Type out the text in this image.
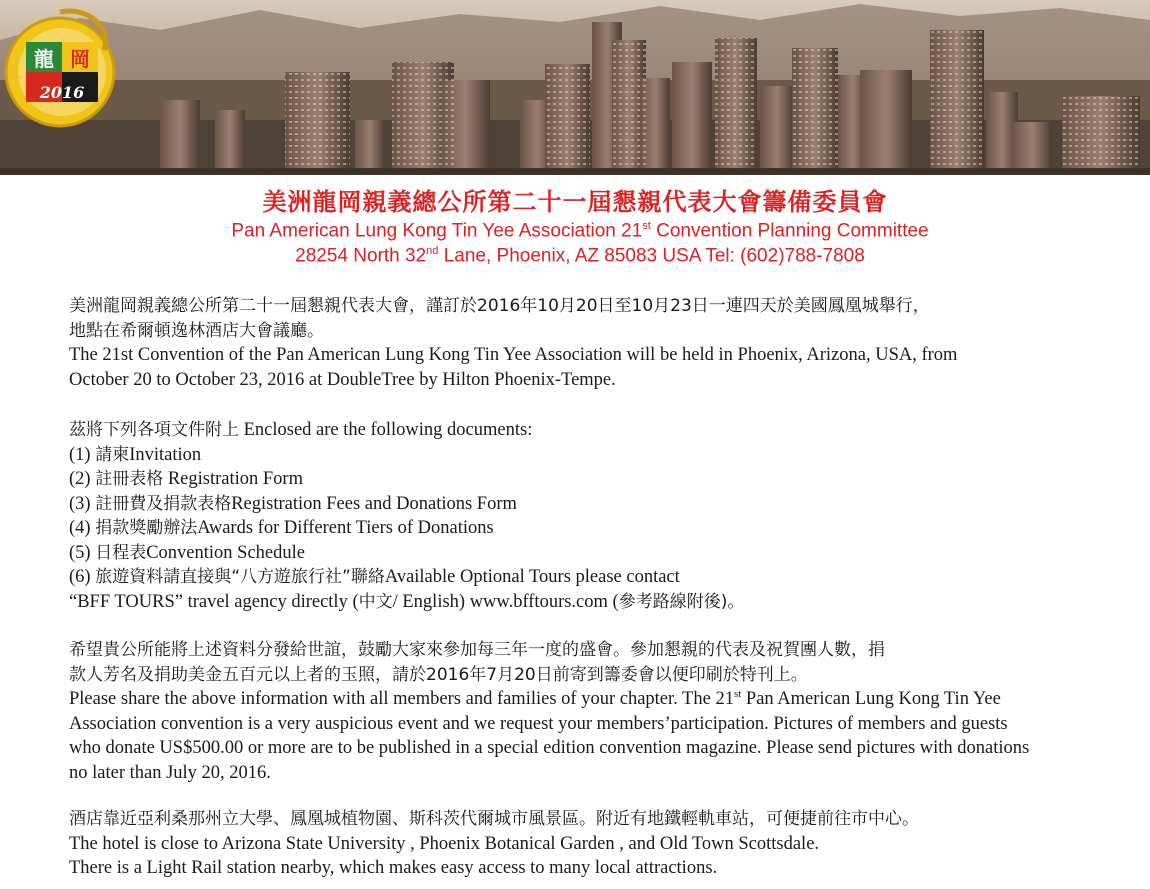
龍 岡
2016
美洲龍岡親義總公所第二十一屆懇親代表大會籌備委員會
Pan American Lung Kong Tin Yee Association 21st Convention Planning Committee
28254 North 32nd Lane, Phoenix, AZ 85083 USA Tel: (602)788-7808

美洲龍岡親義總公所第二十一屆懇親代表大會，謹訂於2016年10月20日至10月23日一連四天於美國鳳凰城舉行，

地點在希爾頓逸林酒店大會議廳。

The 21st Convention of the Pan American Lung Kong Tin Yee Association will be held in Phoenix, Arizona, USA, from

October 20 to October 23, 2016 at DoubleTree by Hilton Phoenix-Tempe.

茲將下列各項文件附上 Enclosed are the following documents:

(1) 請柬Invitation

(2) 註冊表格 Registration Form

(3) 註冊費及捐款表格Registration Fees and Donations Form

(4) 捐款獎勵辦法Awards for Different Tiers of Donations

(5) 日程表Convention Schedule

(6) 旅遊資料請直接與“八方遊旅行社”聯絡Available Optional Tours please contact

“BFF TOURS” travel agency directly (中文/ English) www.bfftours.com (參考路線附後)。

希望貴公所能將上述資料分發給世誼，鼓勵大家來參加每三年一度的盛會。參加懇親的代表及祝賀團人數，捐

款人芳名及捐助美金五百元以上者的玉照，請於2016年7月20日前寄到籌委會以便印刷於特刊上。

Please share the above information with all members and families of your chapter. The 21st Pan American Lung Kong Tin Yee

Association convention is a very auspicious event and we request your members’participation. Pictures of members and guests

who donate US$500.00 or more are to be published in a special edition convention magazine. Please send pictures with donations

no later than July 20, 2016.

酒店靠近亞利桑那州立大學、鳳凰城植物園、斯科茨代爾城市風景區。附近有地鐵輕軌車站，可便捷前往市中心。

The hotel is close to Arizona State University , Phoenix Botanical Garden , and Old Town Scottsdale.

There is a Light Rail station nearby, which makes easy access to many local attractions.
